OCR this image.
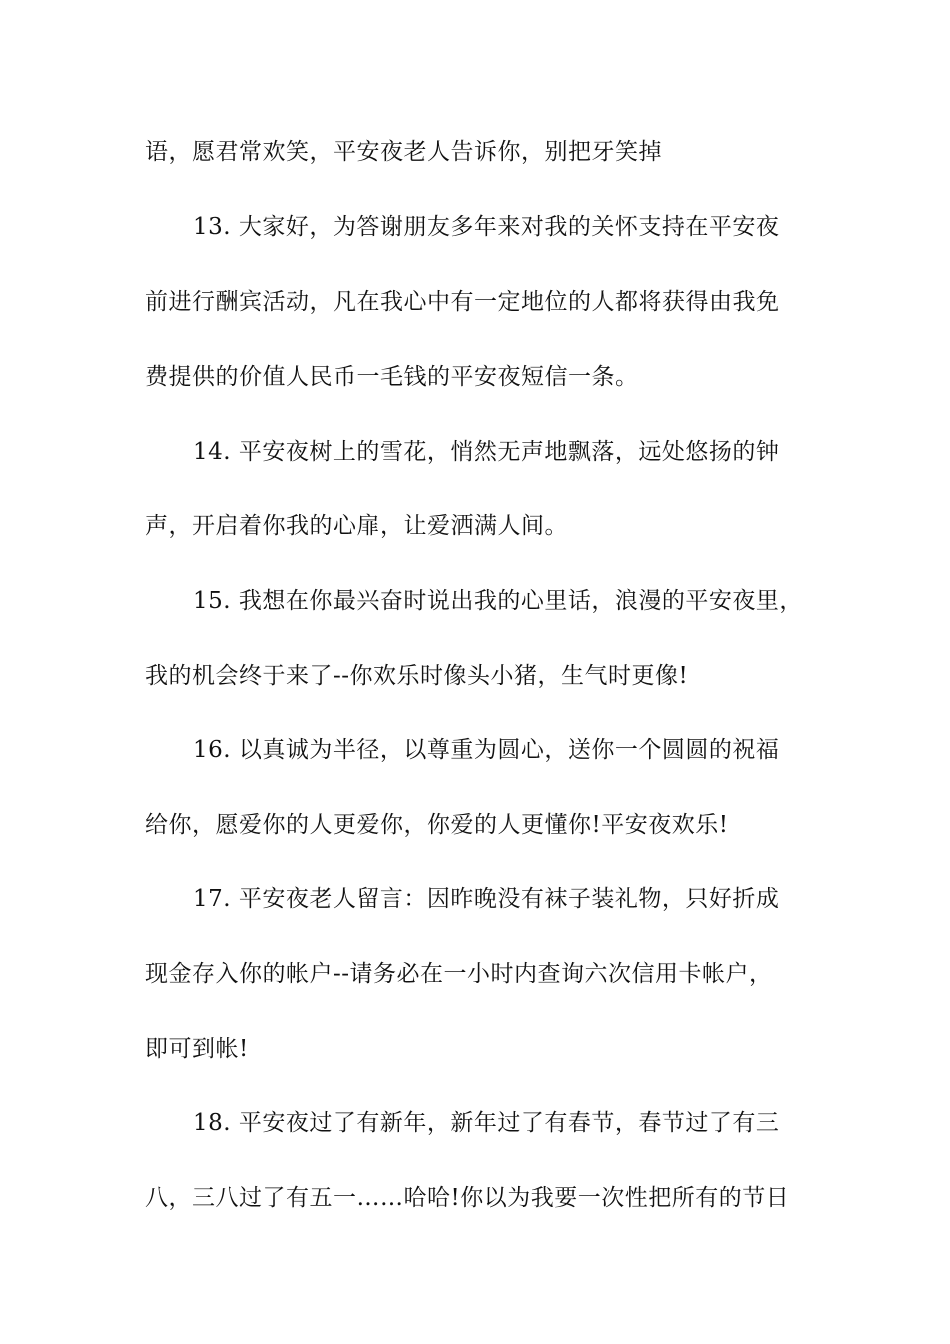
语，愿君常欢笑，平安夜老人告诉你，别把牙笑掉
13. 大家好，为答谢朋友多年来对我的关怀支持在平安夜
前进行酬宾活动，凡在我心中有一定地位的人都将获得由我免
费提供的价值人民币一毛钱的平安夜短信一条。
14. 平安夜树上的雪花，悄然无声地飘落，远处悠扬的钟
声，开启着你我的心扉，让爱洒满人间。
15. 我想在你最兴奋时说出我的心里话，浪漫的平安夜里，
我的机会终于来了--你欢乐时像头小猪，生气时更像!
16. 以真诚为半径，以尊重为圆心，送你一个圆圆的祝福
给你，愿爱你的人更爱你，你爱的人更懂你!平安夜欢乐!
17. 平安夜老人留言：因昨晚没有袜子装礼物，只好折成
现金存入你的帐户--请务必在一小时内查询六次信用卡帐户，
即可到帐!
18. 平安夜过了有新年，新年过了有春节，春节过了有三
八，三八过了有五一……哈哈!你以为我要一次性把所有的节日
